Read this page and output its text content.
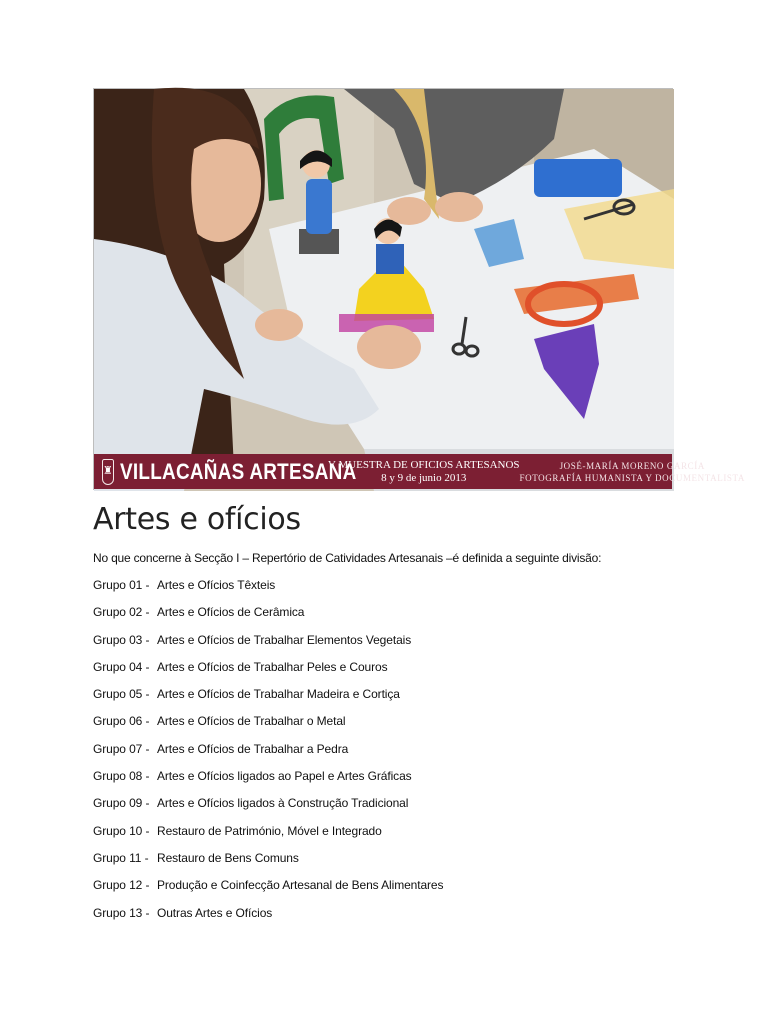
♜ VILLACAÑAS ARTESANA
V MUESTRA DE OFICIOS ARTESANOS
8 y 9 de junio 2013
JOSÉ-MARÍA MORENO GARCÍA
FOTOGRAFÍA HUMANISTA Y DOCUMENTALISTA
Artes e ofícios

No que concerne à Secção I – Repertório de Catividades Artesanais –é definida a seguinte divisão:

Grupo 01 - Artes e Ofícios Têxteis
Grupo 02 - Artes e Ofícios de Cerâmica
Grupo 03 - Artes e Ofícios de Trabalhar Elementos Vegetais
Grupo 04 - Artes e Ofícios de Trabalhar Peles e Couros
Grupo 05 - Artes e Ofícios de Trabalhar Madeira e Cortiça
Grupo 06 - Artes e Ofícios de Trabalhar o Metal
Grupo 07 - Artes e Ofícios de Trabalhar a Pedra
Grupo 08 - Artes e Ofícios ligados ao Papel e Artes Gráficas
Grupo 09 - Artes e Ofícios ligados à Construção Tradicional
Grupo 10 - Restauro de Património, Móvel e Integrado
Grupo 11 - Restauro de Bens Comuns
Grupo 12 - Produção e Coinfecção Artesanal de Bens Alimentares
Grupo 13 - Outras Artes e Ofícios
